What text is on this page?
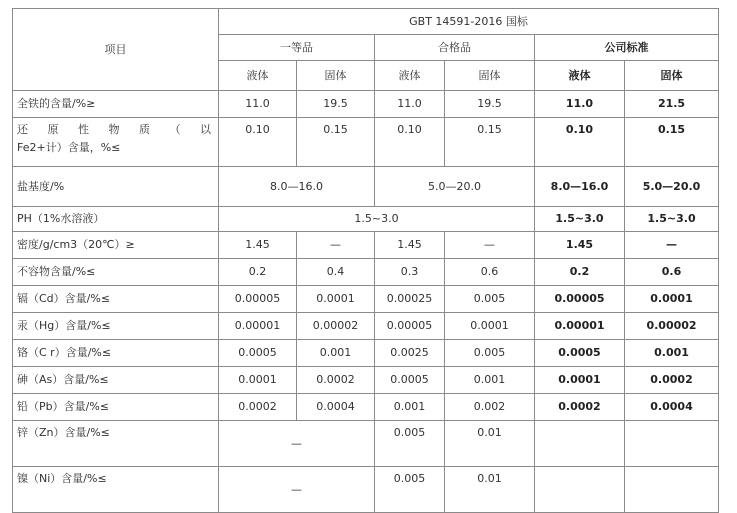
项目	GBT 14591-2016 国标					
	一等品		合格品		公司标准	
	液体	固体	液体	固体	液体	固体
全铁的含量/%≥	11.0	19.5	11.0	19.5	11.0	21.5

还 原 性 物 质 （ 以
Fe2+计）含量，%≤	0.10	0.15	0.10	0.15	0.10	0.15
盐基度/%	8.0—16.0		5.0—20.0		8.0—16.0	5.0—20.0
PH（1%水溶液）	1.5~3.0				1.5~3.0	1.5~3.0
密度/g/cm3（20℃）≥	1.45	—	1.45	—	1.45	—
不容物含量/%≤	0.2	0.4	0.3	0.6	0.2	0.6
镉（Cd）含量/%≤	0.00005	0.0001	0.00025	0.005	0.00005	0.0001
汞（Hg）含量/%≤	0.00001	0.00002	0.00005	0.0001	0.00001	0.00002
铬（C r）含量/%≤	0.0005	0.001	0.0025	0.005	0.0005	0.001
砷（As）含量/%≤	0.0001	0.0002	0.0005	0.001	0.0001	0.0002
铅（Pb）含量/%≤	0.0002	0.0004	0.001	0.002	0.0002	0.0004
锌（Zn）含量/%≤	—		0.005	0.01		
镍（Ni）含量/%≤	—		0.005	0.01		
